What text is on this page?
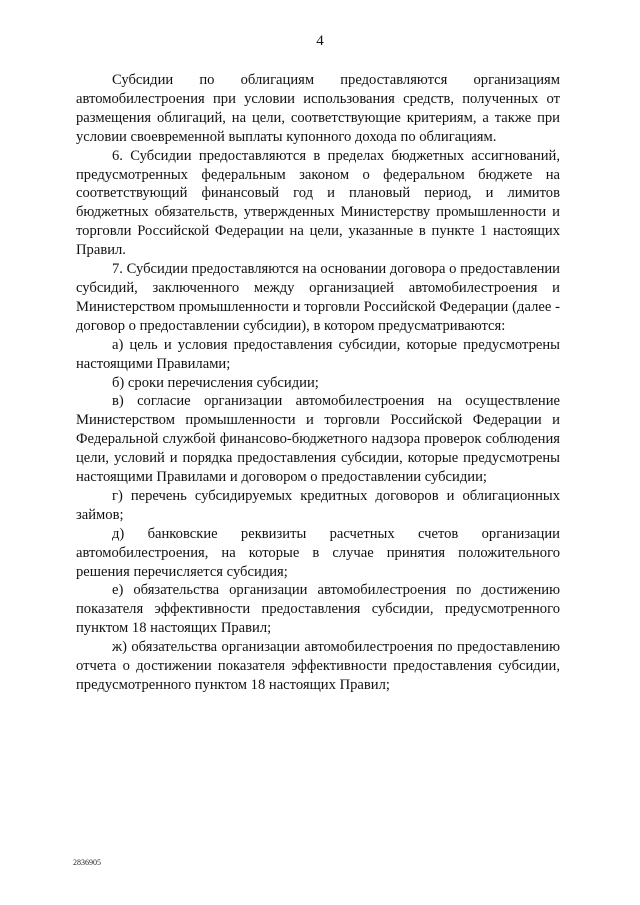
4

Субсидии по облигациям предоставляются организациям автомобилестроения при условии использования средств, полученных от размещения облигаций, на цели, соответствующие критериям, а также при условии своевременной выплаты купонного дохода по облигациям.

6. Субсидии предоставляются в пределах бюджетных ассигнований, предусмотренных федеральным законом о федеральном бюджете на соответствующий финансовый год и плановый период, и лимитов бюджетных обязательств, утвержденных Министерству промышленности и торговли Российской Федерации на цели, указанные в пункте 1 настоящих Правил.

7. Субсидии предоставляются на основании договора о предоставлении субсидий, заключенного между организацией автомобилестроения и Министерством промышленности и торговли Российской Федерации (далее - договор о предоставлении субсидии), в котором предусматриваются:

а) цель и условия предоставления субсидии, которые предусмотрены настоящими Правилами;

б) сроки перечисления субсидии;

в) согласие организации автомобилестроения на осуществление Министерством промышленности и торговли Российской Федерации и Федеральной службой финансово-бюджетного надзора проверок соблюдения цели, условий и порядка предоставления субсидии, которые предусмотрены настоящими Правилами и договором о предоставлении субсидии;

г) перечень субсидируемых кредитных договоров и облигационных займов;

д) банковские реквизиты расчетных счетов организации автомобилестроения, на которые в случае принятия положительного решения перечисляется субсидия;

е) обязательства организации автомобилестроения по достижению показателя эффективности предоставления субсидии, предусмотренного пунктом 18 настоящих Правил;

ж) обязательства организации автомобилестроения по предоставлению отчета о достижении показателя эффективности предоставления субсидии, предусмотренного пунктом 18 настоящих Правил;

2836905
